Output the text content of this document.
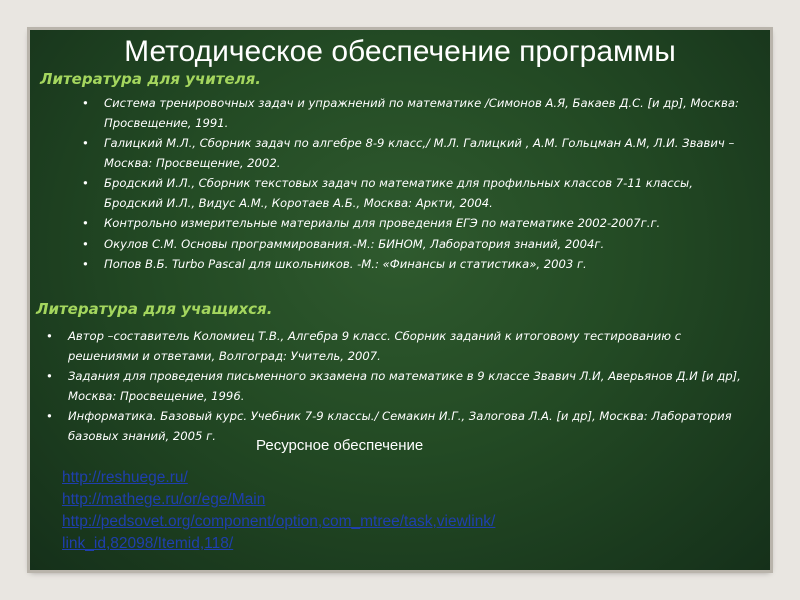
Методическое обеспечение программы
Литература для учителя.
• Система тренировочных задач и упражнений по математике /Симонов А.Я, Бакаев Д.С. [и др], Москва: Просвещение, 1991.
• Галицкий М.Л., Сборник задач по алгебре 8-9 класс,/ М.Л. Галицкий , А.М. Гольцман А.М, Л.И. Звавич – Москва: Просвещение, 2002.
• Бродский И.Л., Сборник текстовых задач по математике для профильных классов 7-11 классы, Бродский И.Л., Видус А.М., Коротаев А.Б., Москва: Аркти, 2004.
• Контрольно измерительные материалы для проведения ЕГЭ по математике 2002-2007г.г.
• Окулов С.М. Основы программирования.-М.: БИНОМ, Лаборатория знаний, 2004г.
• Попов В.Б. Turbo Pascal для школьников. -М.: «Финансы и статистика», 2003 г.
Литература для учащихся.
• Автор –составитель Коломиец Т.В., Алгебра 9 класс. Сборник заданий к итоговому тестированию с решениями и ответами, Волгоград: Учитель, 2007.
• Задания для проведения письменного экзамена по математике в 9 классе Звавич Л.И, Аверьянов Д.И [и др], Москва: Просвещение, 1996.
• Информатика. Базовый курс. Учебник 7-9 классы./ Семакин И.Г., Залогова Л.А. [и др], Москва: Лаборатория базовых знаний, 2005 г.
Ресурсное обеспечение
http://reshuege.ru/
http://mathege.ru/or/ege/Main
http://pedsovet.org/component/option,com_mtree/task,viewlink/
link_id,82098/Itemid,118/
